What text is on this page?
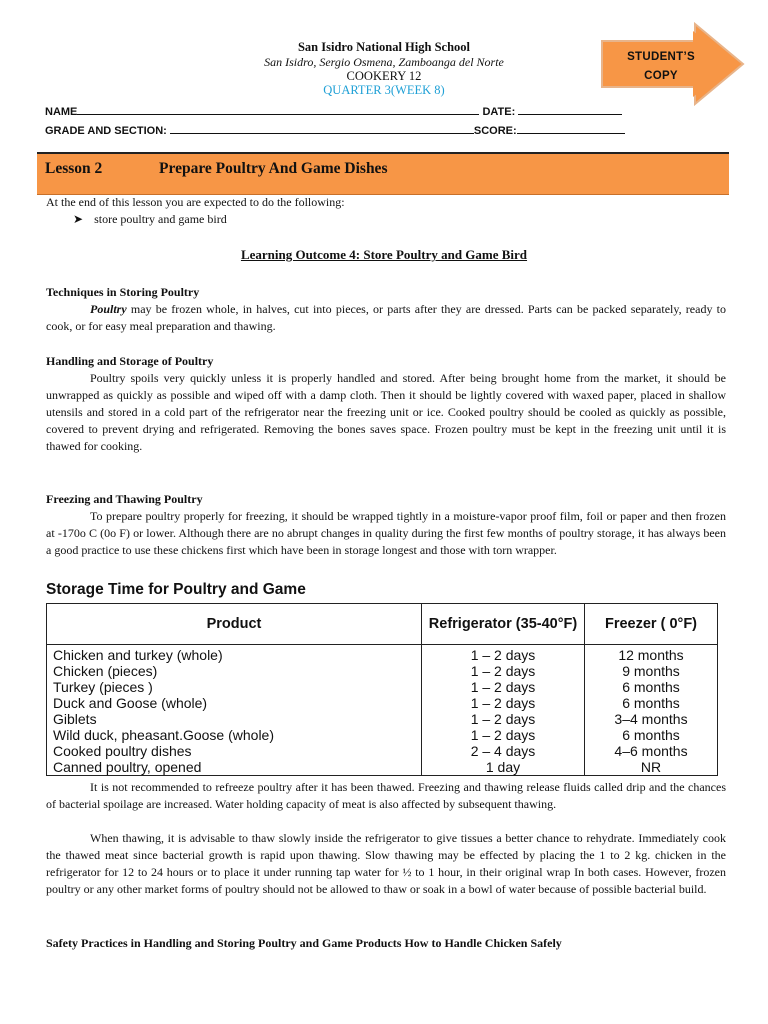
San Isidro National High School
San Isidro, Sergio Osmena, Zamboanga del Norte
COOKERY 12
QUARTER 3(WEEK 8)
STUDENT’S
COPY
NAME	DATE:
GRADE AND SECTION:	SCORE:
Lesson 2	Prepare Poultry And Game Dishes
At the end of this lesson you are expected to do the following:
➤ store poultry and game bird
Learning Outcome 4: Store Poultry and Game Bird
Techniques in Storing Poultry
Poultry may be frozen whole, in halves, cut into pieces, or parts after they are dressed. Parts can be packed separately, ready to cook, or for easy meal preparation and thawing.
Handling and Storage of Poultry
Poultry spoils very quickly unless it is properly handled and stored. After being brought home from the market, it should be unwrapped as quickly as possible and wiped off with a damp cloth. Then it should be lightly covered with waxed paper, placed in shallow utensils and stored in a cold part of the refrigerator near the freezing unit or ice. Cooked poultry should be cooled as quickly as possible, covered to prevent drying and refrigerated. Removing the bones saves space. Frozen poultry must be kept in the freezing unit until it is thawed for cooking.
Freezing and Thawing Poultry
To prepare poultry properly for freezing, it should be wrapped tightly in a moisture-vapor proof film, foil or paper and then frozen at -170o C (0o F) or lower. Although there are no abrupt changes in quality during the first few months of poultry storage, it has always been a good practice to use these chickens first which have been in storage longest and those with torn wrapper.
Storage Time for Poultry and Game
Product	Refrigerator (35-40°F)	Freezer ( 0°F)
Chicken and turkey (whole)	1 – 2 days	12 months
Chicken (pieces)	1 – 2 days	9 months
Turkey (pieces )	1 – 2 days	6 months
Duck and Goose (whole)	1 – 2 days	6 months
Giblets	1 – 2 days	3–4 months
Wild duck, pheasant.Goose (whole)	1 – 2 days	6 months
Cooked poultry dishes	2 – 4 days	4–6 months
Canned poultry, opened	1 day	NR
It is not recommended to refreeze poultry after it has been thawed. Freezing and thawing release fluids called drip and the chances of bacterial spoilage are increased. Water holding capacity of meat is also affected by subsequent thawing.
When thawing, it is advisable to thaw slowly inside the refrigerator to give tissues a better chance to rehydrate. Immediately cook the thawed meat since bacterial growth is rapid upon thawing. Slow thawing may be effected by placing the 1 to 2 kg. chicken in the refrigerator for 12 to 24 hours or to place it under running tap water for ½ to 1 hour, in their original wrap In both cases. However, frozen poultry or any other market forms of poultry should not be allowed to thaw or soak in a bowl of water because of possible bacterial build.
Safety Practices in Handling and Storing Poultry and Game Products How to Handle Chicken Safely
